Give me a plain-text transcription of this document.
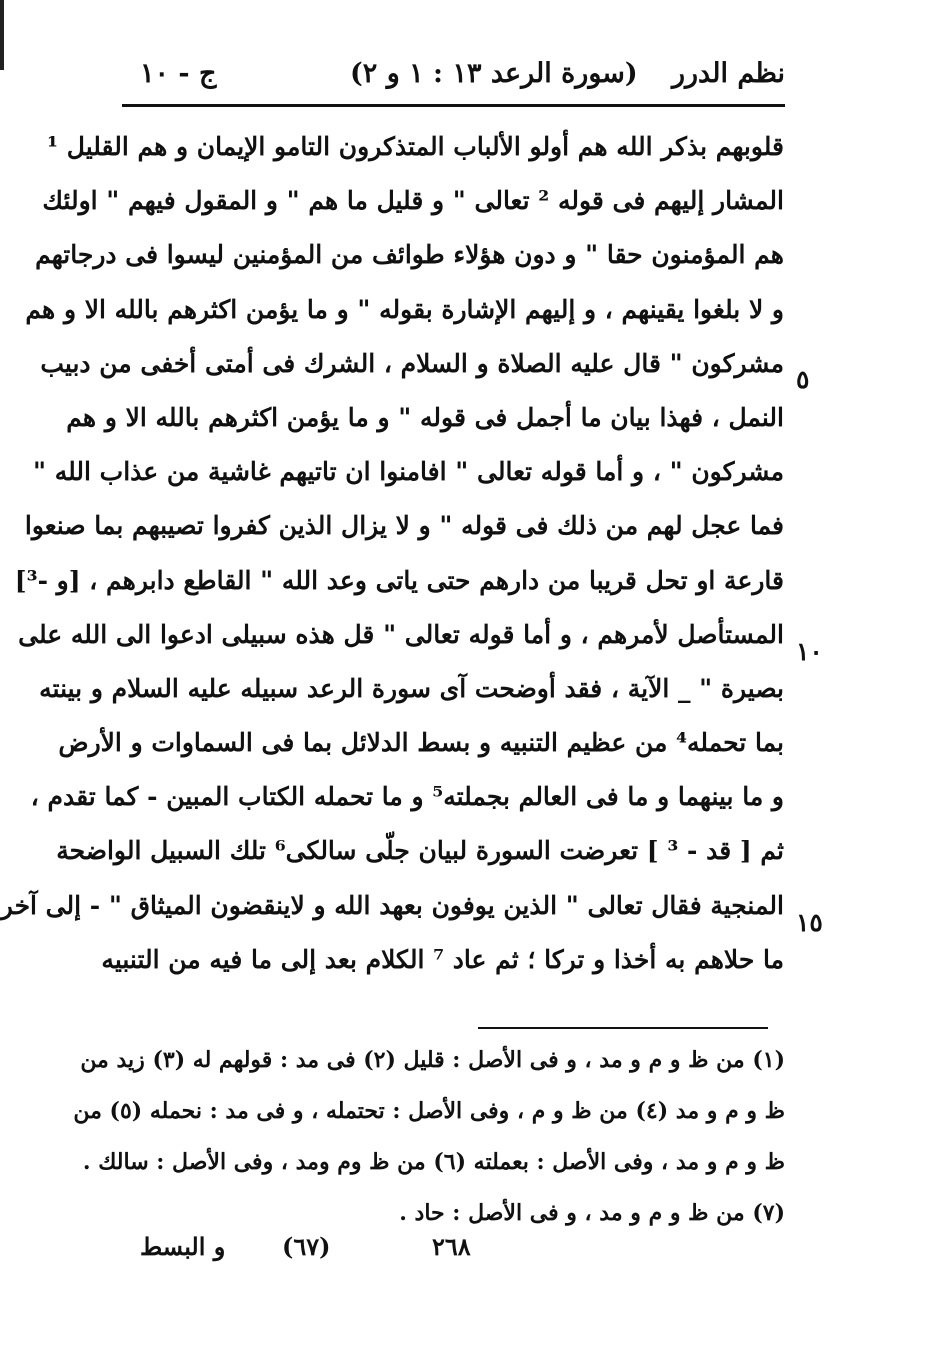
نظم الدرر
(سورة الرعد ١٣ : ١ و ٢)
ج - ١٠
قلوبهم بذكر الله هم أولو الألباب المتذكرون التامو الإيمان و هم القليل ¹
المشار إليهم فى قوله ² تعالى " و قليل ما هم " و المقول فيهم " اولئك
هم المؤمنون حقا " و دون هؤلاء طوائف من المؤمنين ليسوا فى درجاتهم
و لا بلغوا يقينهم ، و إليهم الإشارة بقوله " و ما يؤمن اكثرهم بالله الا و هم
مشركون " قال عليه الصلاة و السلام ، الشرك فى أمتى أخفى من دبيب
النمل ، فهذا بيان ما أجمل فى قوله " و ما يؤمن اكثرهم بالله الا و هم
مشركون " ، و أما قوله تعالى " افامنوا ان تاتيهم غاشية من عذاب الله "
فما عجل لهم من ذلك فى قوله " و لا يزال الذين كفروا تصيبهم بما صنعوا
قارعة او تحل قريبا من دارهم حتى ياتى وعد الله " القاطع دابرهم ، [و -³]
المستأصل لأمرهم ، و أما قوله تعالى " قل هذه سبيلى ادعوا الى الله على
بصيرة " _ الآية ، فقد أوضحت آى سورة الرعد سبيله عليه السلام و بينته
بما تحمله⁴ من عظيم التنبيه و بسط الدلائل بما فى السماوات و الأرض
و ما بينهما و ما فى العالم بجملته⁵ و ما تحمله الكتاب المبين - كما تقدم ،
ثم [ قد - ³ ] تعرضت السورة لبيان جلّى سالكى⁶ تلك السبيل الواضحة
المنجية فقال تعالى " الذين يوفون بعهد الله و لاينقضون الميثاق " - إلى آخر
ما حلاهم به أخذا و تركا ؛ ثم عاد ⁷ الكلام بعد إلى ما فيه من التنبيه
٥
١٠
١٥
(١) من ظ و م و مد ، و فى الأصل : قليل (٢) فى مد : قولهم له (٣) زيد من
ظ و م و مد (٤) من ظ و م ، وفى الأصل : تحتمله ، و فى مد : نحمله (٥) من
ظ و م و مد ، وفى الأصل : بعملته (٦) من ظ وم ومد ، وفى الأصل : سالك .
(٧) من ظ و م و مد ، و فى الأصل : حاد .
٢٦٨
(٦٧)
و البسط
